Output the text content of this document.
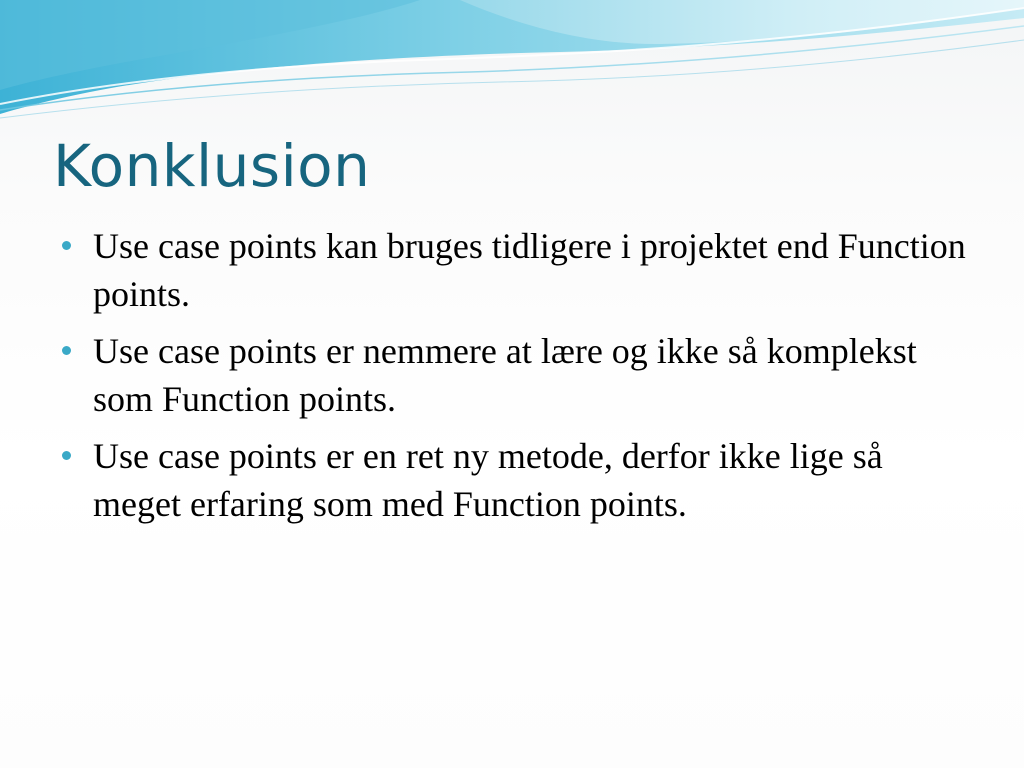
Konklusion
Use case points kan bruges tidligere i projektet end Function points.
Use case points er nemmere at lære og ikke så komplekst som Function points.
Use case points er en ret ny metode, derfor ikke lige så meget erfaring som med Function points.
